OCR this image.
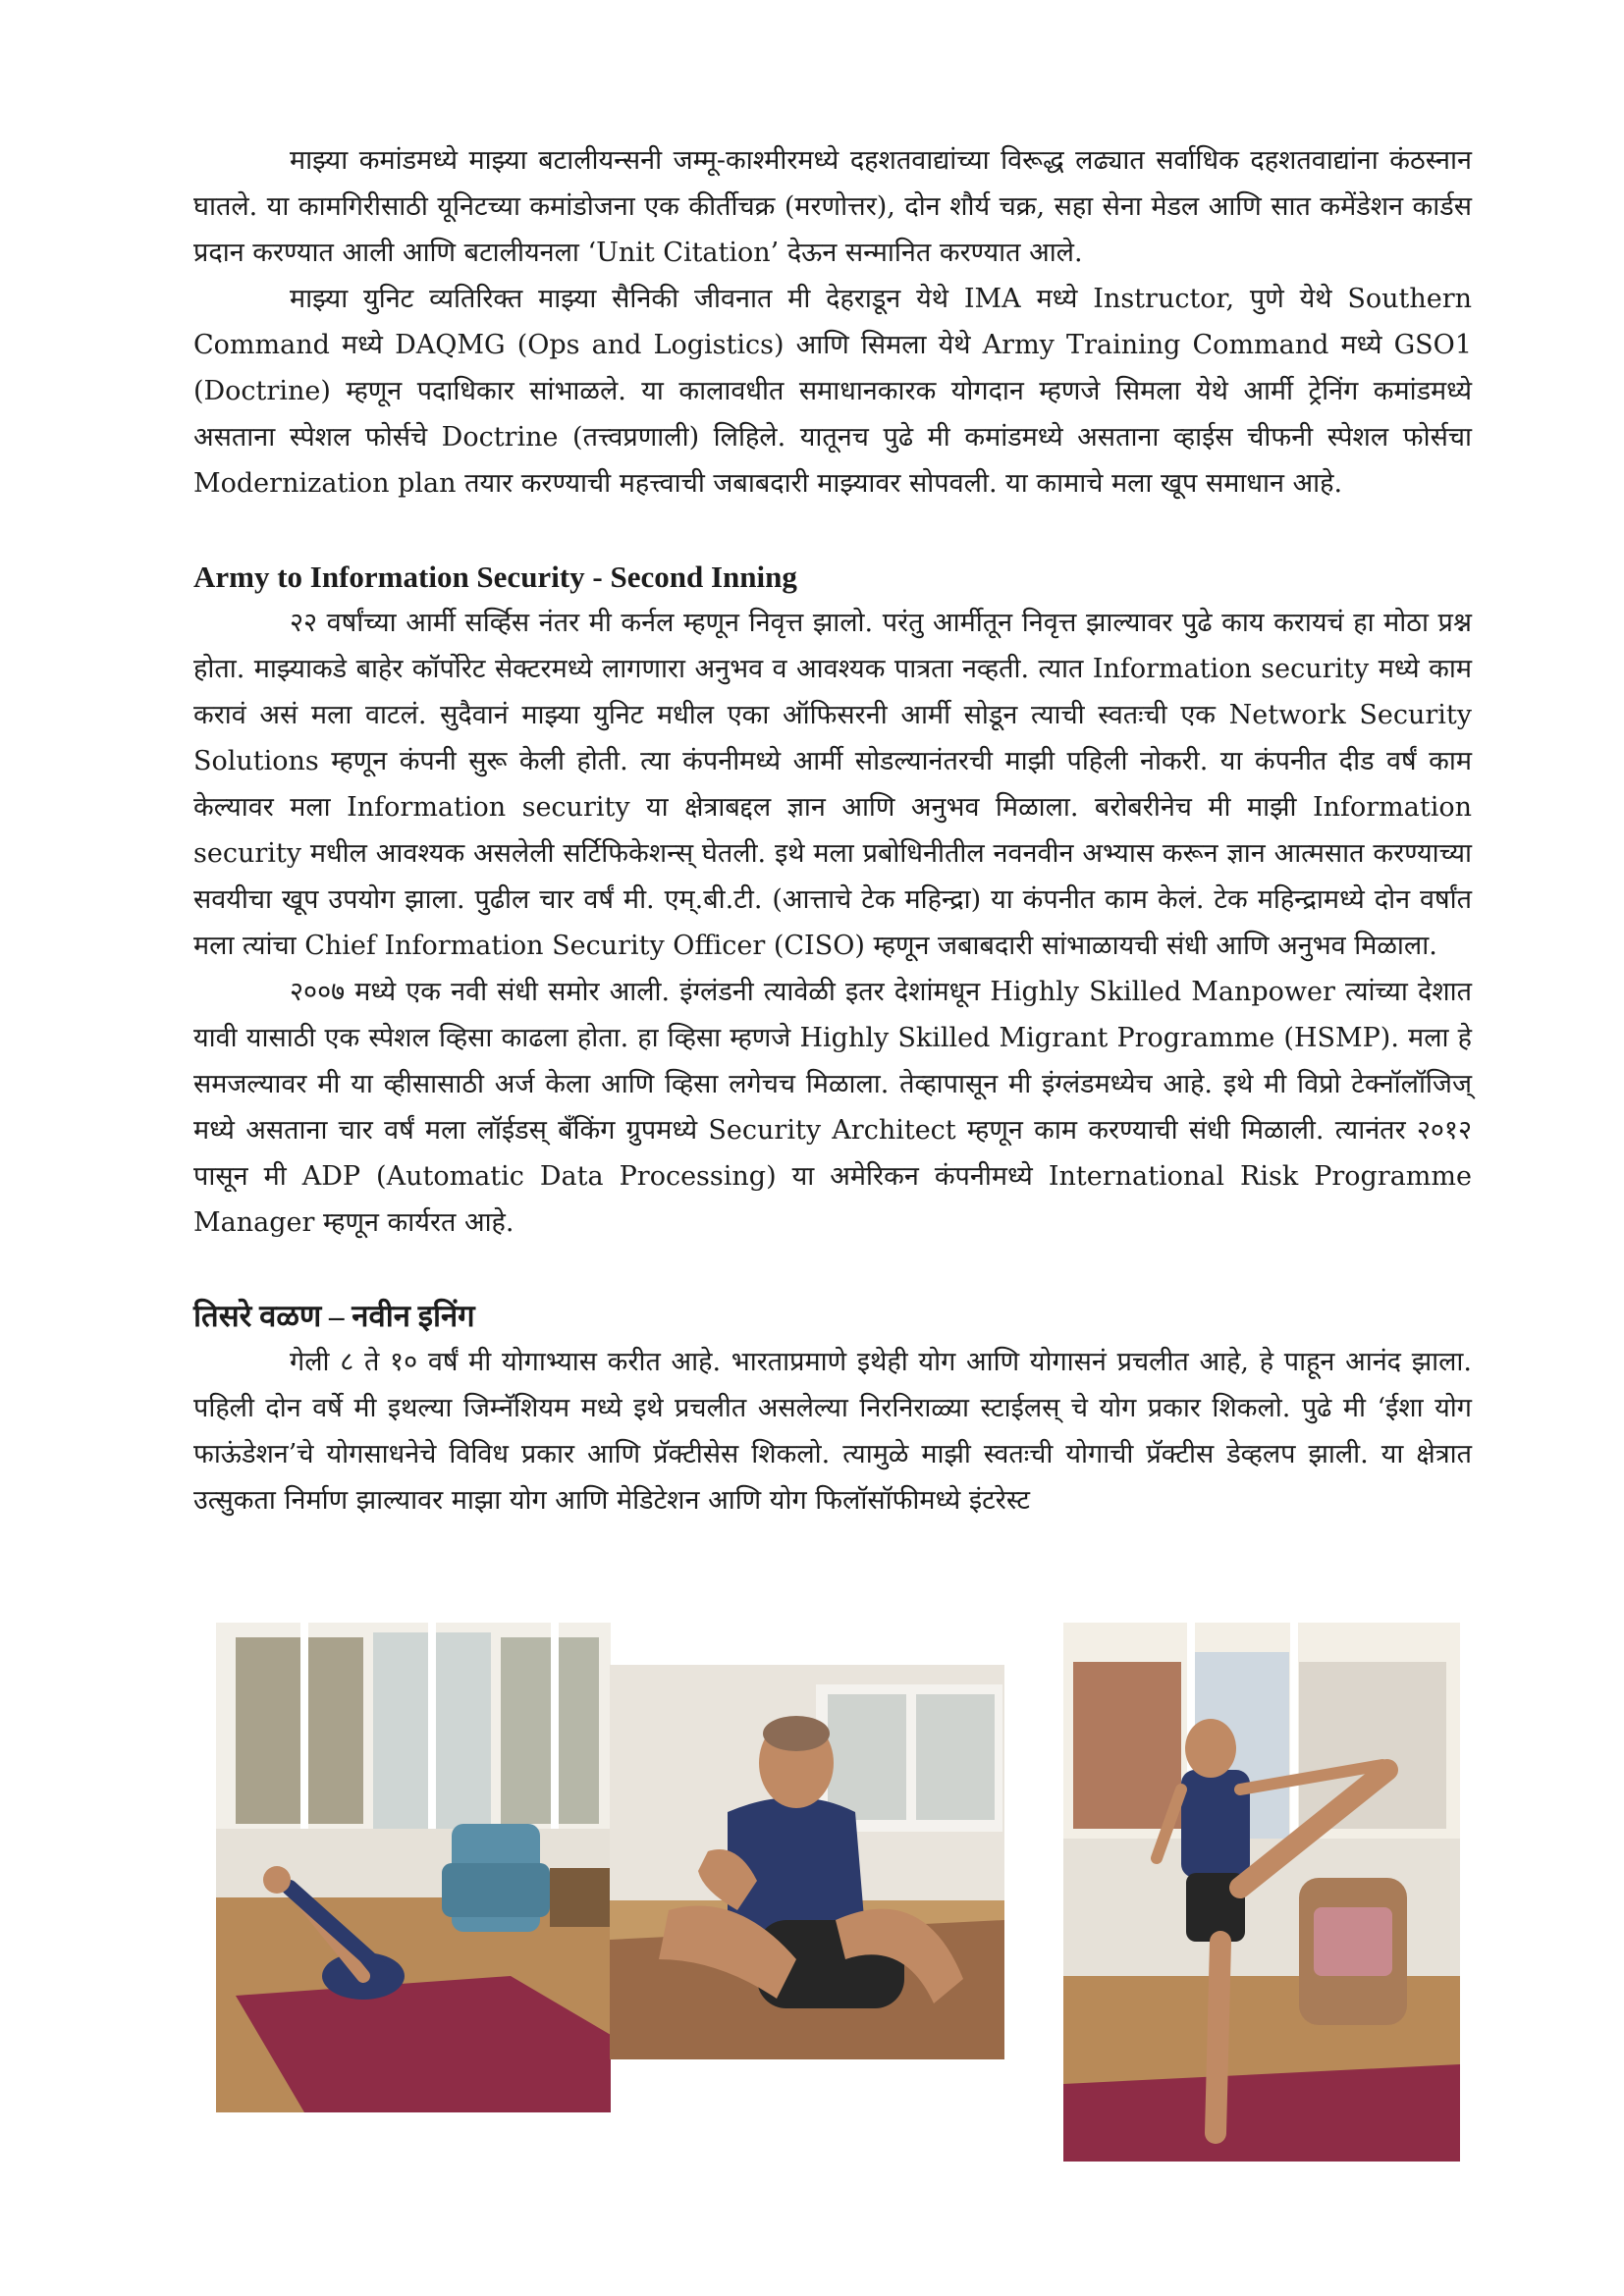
माझ्या कमांडमध्ये माझ्या बटालीयन्सनी जम्मू-काश्मीरमध्ये दहशतवाद्यांच्या विरूद्ध लढ्यात सर्वाधिक दहशतवाद्यांना कंठस्नान घातले. या कामगिरीसाठी यूनिटच्या कमांडोजना एक कीर्तीचक्र (मरणोत्तर), दोन शौर्य चक्र, सहा सेना मेडल आणि सात कमेंडेशन कार्डस प्रदान करण्यात आली आणि बटालीयनला ‘Unit Citation’ देऊन सन्मानित करण्यात आले.

माझ्या युनिट व्यतिरिक्त माझ्या सैनिकी जीवनात मी देहराडून येथे IMA मध्ये Instructor, पुणे येथे Southern Command मध्ये DAQMG (Ops and Logistics) आणि सिमला येथे Army Training Command मध्ये GSO1 (Doctrine) म्हणून पदाधिकार सांभाळले. या कालावधीत समाधानकारक योगदान म्हणजे सिमला येथे आर्मी ट्रेनिंग कमांडमध्ये असताना स्पेशल फोर्सचे Doctrine (तत्त्वप्रणाली) लिहिले. यातूनच पुढे मी कमांडमध्ये असताना व्हाईस चीफनी स्पेशल फोर्सचा Modernization plan तयार करण्याची महत्त्वाची जबाबदारी माझ्यावर सोपवली. या कामाचे मला खूप समाधान आहे.

Army to Information Security - Second Inning

२२ वर्षांच्या आर्मी सर्व्हिस नंतर मी कर्नल म्हणून निवृत्त झालो. परंतु आर्मीतून निवृत्त झाल्यावर पुढे काय करायचं हा मोठा प्रश्न होता. माझ्याकडे बाहेर कॉर्पोरेट सेक्टरमध्ये लागणारा अनुभव व आवश्यक पात्रता नव्हती. त्यात Information security मध्ये काम करावं असं मला वाटलं. सुदैवानं माझ्या युनिट मधील एका ऑफिसरनी आर्मी सोडून त्याची स्वतःची एक Network Security Solutions म्हणून कंपनी सुरू केली होती. त्या कंपनीमध्ये आर्मी सोडल्यानंतरची माझी पहिली नोकरी. या कंपनीत दीड वर्षं काम केल्यावर मला Information security या क्षेत्राबद्दल ज्ञान आणि अनुभव मिळाला. बरोबरीनेच मी माझी Information security मधील आवश्यक असलेली सर्टिफिकेशन्स् घेतली. इथे मला प्रबोधिनीतील नवनवीन अभ्यास करून ज्ञान आत्मसात करण्याच्या सवयीचा खूप उपयोग झाला. पुढील चार वर्षं मी. एम्.बी.टी. (आत्ताचे टेक महिन्द्रा) या कंपनीत काम केलं. टेक महिन्द्रामध्ये दोन वर्षांत मला त्यांचा Chief Information Security Officer (CISO) म्हणून जबाबदारी सांभाळायची संधी आणि अनुभव मिळाला.

२००७ मध्ये एक नवी संधी समोर आली. इंग्लंडनी त्यावेळी इतर देशांमधून Highly Skilled Manpower त्यांच्या देशात यावी यासाठी एक स्पेशल व्हिसा काढला होता. हा व्हिसा म्हणजे Highly Skilled Migrant Programme (HSMP). मला हे समजल्यावर मी या व्हीसासाठी अर्ज केला आणि व्हिसा लगेचच मिळाला. तेव्हापासून मी इंग्लंडमध्येच आहे. इथे मी विप्रो टेक्नॉलॉजिज् मध्ये असताना चार वर्षं मला लॉईडस् बँकिंग ग्रुपमध्ये Security Architect म्हणून काम करण्याची संधी मिळाली. त्यानंतर २०१२ पासून मी ADP (Automatic Data Processing) या अमेरिकन कंपनीमध्ये International Risk Programme Manager म्हणून कार्यरत आहे.

तिसरे वळण – नवीन इनिंग

गेली ८ ते १० वर्षं मी योगाभ्यास करीत आहे. भारताप्रमाणे इथेही योग आणि योगासनं प्रचलीत आहे, हे पाहून आनंद झाला. पहिली दोन वर्षे मी इथल्या जिम्नॅशियम मध्ये इथे प्रचलीत असलेल्या निरनिराळ्या स्टाईलस् चे योग प्रकार शिकलो. पुढे मी ‘ईशा योग फाऊंडेशन’चे योगसाधनेचे विविध प्रकार आणि प्रॅक्टीसेस शिकलो. त्यामुळे माझी स्वतःची योगाची प्रॅक्टीस डेव्हलप झाली. या क्षेत्रात उत्सुकता निर्माण झाल्यावर माझा योग आणि मेडिटेशन आणि योग फिलॉसॉफीमध्ये इंटरेस्ट
